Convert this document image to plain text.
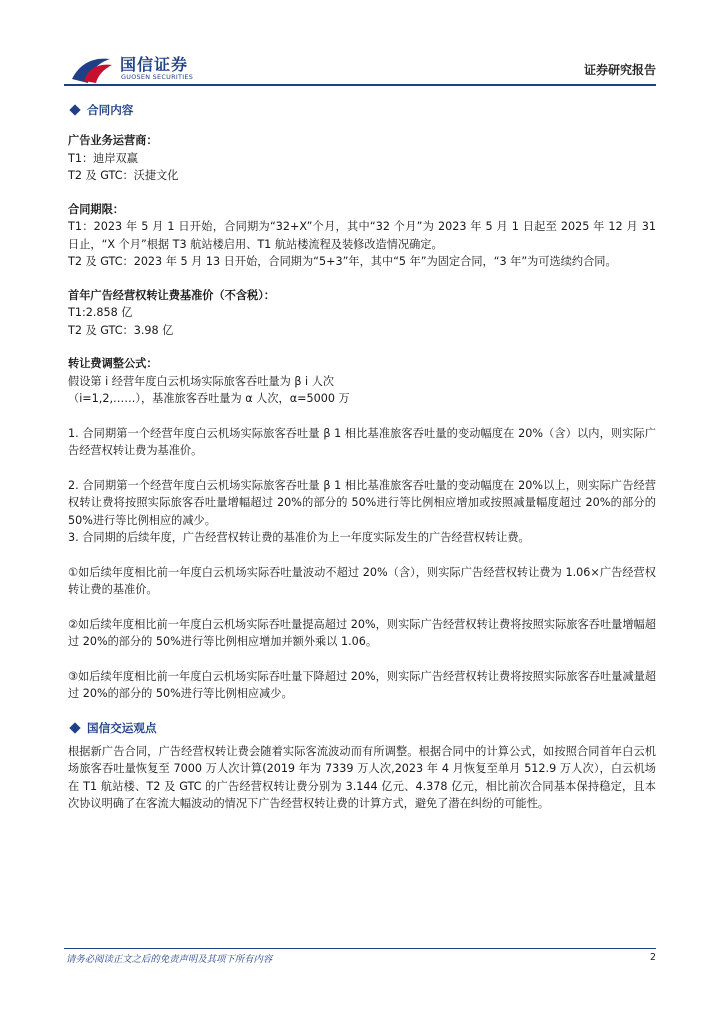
国信证券
GUOSEN SECURITIES	证券研究报告
合同内容
广告业务运营商：
T1：迪岸双赢
T2 及 GTC：沃捷文化
合同期限：
T1：2023 年 5 月 1 日开始，合同期为“32+X”个月，其中“32 个月”为 2023 年 5 月 1 日起至 2025 年 12 月 31 日止，“X 个月”根据 T3 航站楼启用、T1 航站楼流程及装修改造情况确定。
T2 及 GTC：2023 年 5 月 13 日开始，合同期为“5+3”年，其中“5 年”为固定合同，“3 年”为可选续约合同。
首年广告经营权转让费基准价（不含税）：
T1:2.858 亿
T2 及 GTC：3.98 亿
转让费调整公式：
假设第 i 经营年度白云机场实际旅客吞吐量为 β i 人次
（i=1,2,……），基准旅客吞吐量为 α 人次，α=5000 万
1. 合同期第一个经营年度白云机场实际旅客吞吐量 β 1 相比基准旅客吞吐量的变动幅度在 20%（含）以内，则实际广告经营权转让费为基准价。
2. 合同期第一个经营年度白云机场实际旅客吞吐量 β 1 相比基准旅客吞吐量的变动幅度在 20%以上，则实际广告经营权转让费将按照实际旅客吞吐量增幅超过 20%的部分的 50%进行等比例相应增加或按照减量幅度超过 20%的部分的 50%进行等比例相应的减少。
3. 合同期的后续年度，广告经营权转让费的基准价为上一年度实际发生的广告经营权转让费。
①如后续年度相比前一年度白云机场实际吞吐量波动不超过 20%（含），则实际广告经营权转让费为 1.06×广告经营权转让费的基准价。
②如后续年度相比前一年度白云机场实际吞吐量提高超过 20%，则实际广告经营权转让费将按照实际旅客吞吐量增幅超过 20%的部分的 50%进行等比例相应增加并额外乘以 1.06。
③如后续年度相比前一年度白云机场实际吞吐量下降超过 20%，则实际广告经营权转让费将按照实际旅客吞吐量减量超过 20%的部分的 50%进行等比例相应减少。
国信交运观点
根据新广告合同，广告经营权转让费会随着实际客流波动而有所调整。根据合同中的计算公式，如按照合同首年白云机场旅客吞吐量恢复至 7000 万人次计算(2019 年为 7339 万人次,2023 年 4 月恢复至单月 512.9 万人次），白云机场在 T1 航站楼、T2 及 GTC 的广告经营权转让费分别为 3.144 亿元、4.378 亿元，相比前次合同基本保持稳定，且本次协议明确了在客流大幅波动的情况下广告经营权转让费的计算方式，避免了潜在纠纷的可能性。
请务必阅读正文之后的免责声明及其项下所有内容	2
